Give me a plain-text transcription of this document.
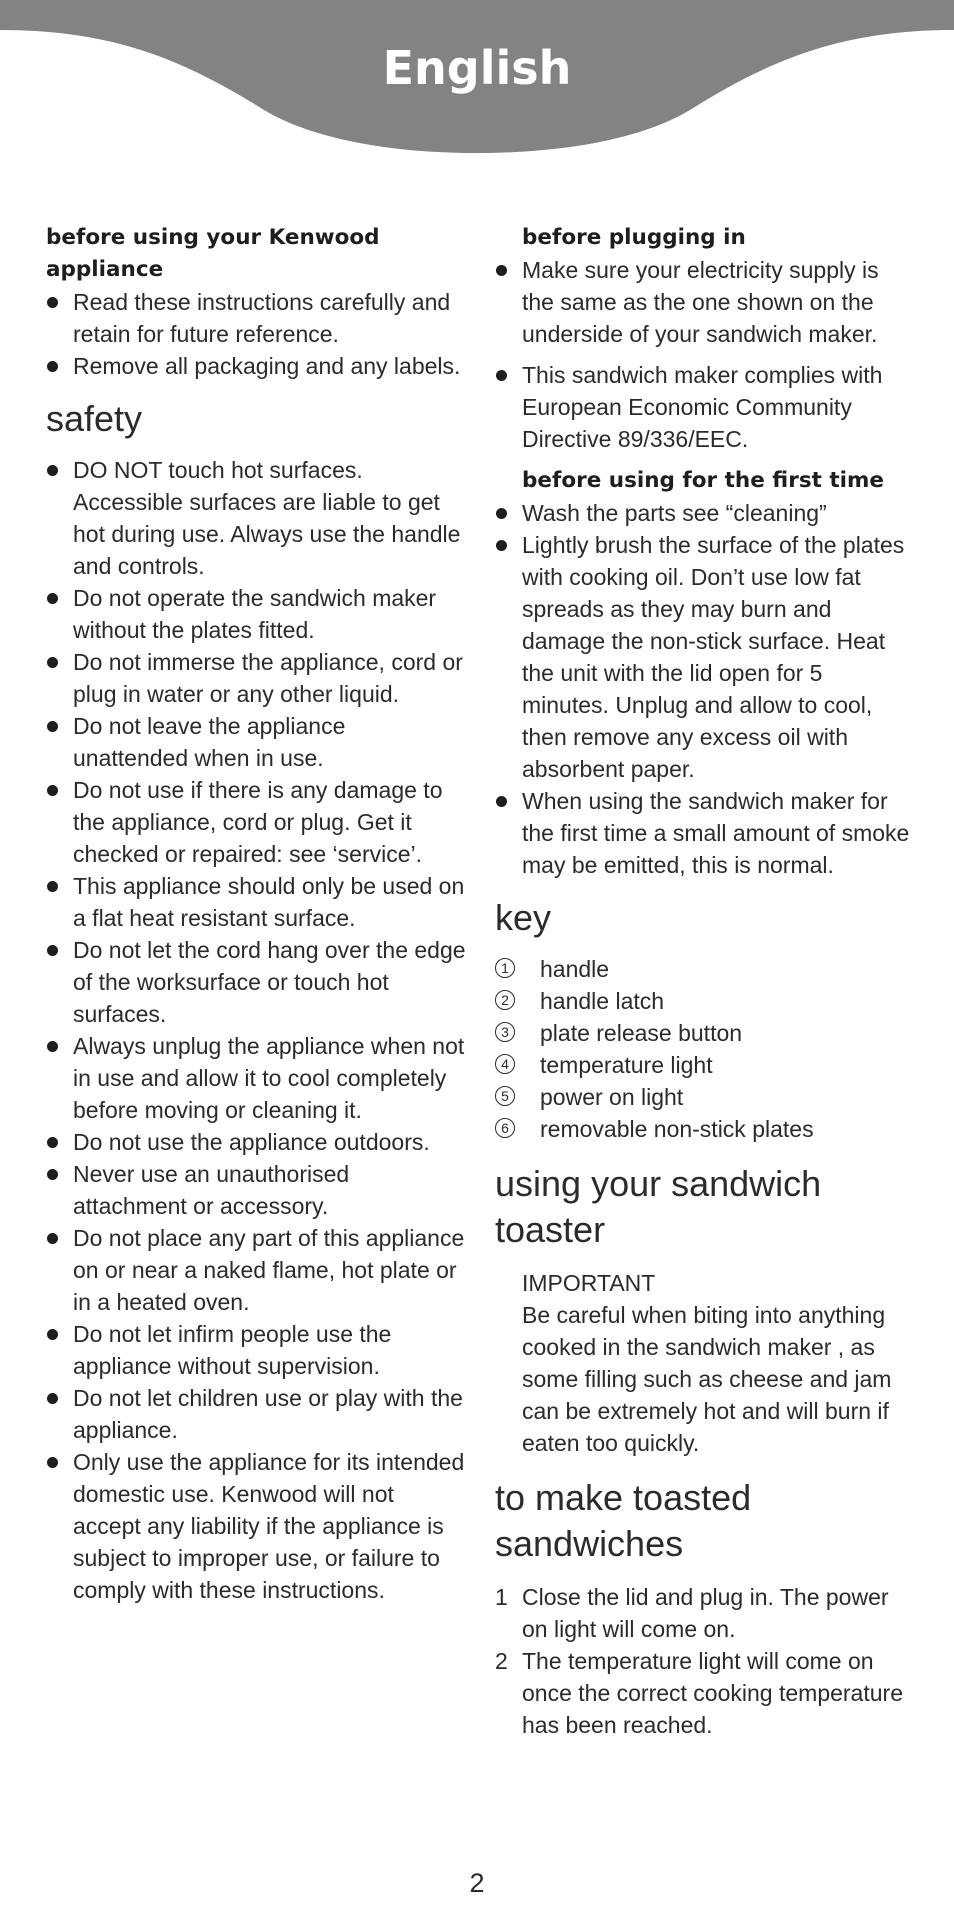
English

before using your Kenwood appliance

Read these instructions carefully and retain for future reference.
Remove all packaging and any labels.
safety
DO NOT touch hot surfaces. Accessible surfaces are liable to get hot during use. Always use the handle and controls.
Do not operate the sandwich maker without the plates fitted.
Do not immerse the appliance, cord or plug in water or any other liquid.
Do not leave the appliance unattended when in use.
Do not use if there is any damage to the appliance, cord or plug. Get it checked or repaired: see ‘service’.
This appliance should only be used on a flat heat resistant surface.
Do not let the cord hang over the edge of the worksurface or touch hot surfaces.
Always unplug the appliance when not in use and allow it to cool completely before moving or cleaning it.
Do not use the appliance outdoors.
Never use an unauthorised attachment or accessory.
Do not place any part of this appliance on or near a naked flame, hot plate or in a heated oven.
Do not let infirm people use the appliance without supervision.
Do not let children use or play with the appliance.
Only use the appliance for its intended domestic use. Kenwood will not accept any liability if the appliance is subject to improper use, or failure to comply with these instructions.

before plugging in

Make sure your electricity supply is the same as the one shown on the underside of your sandwich maker.
This sandwich maker complies with European Economic Community Directive 89/336/EEC.

before using for the first time

Wash the parts see “cleaning”
Lightly brush the surface of the plates with cooking oil. Don’t use low fat spreads as they may burn and damage the non-stick surface. Heat the unit with the lid open for 5 minutes. Unplug and allow to cool, then remove any excess oil with absorbent paper.
When using the sandwich maker for the first time a small amount of smoke may be emitted, this is normal.
key
1 handle
2 handle latch
3 plate release button
4 temperature light
5 power on light
6 removable non-stick plates
using your sandwich toaster
IMPORTANT
Be careful when biting into anything cooked in the sandwich maker , as some filling such as cheese and jam can be extremely hot and will burn if eaten too quickly.
to make toasted sandwiches
1 Close the lid and plug in. The power on light will come on.
2 The temperature light will come on once the correct cooking temperature has been reached.
2
